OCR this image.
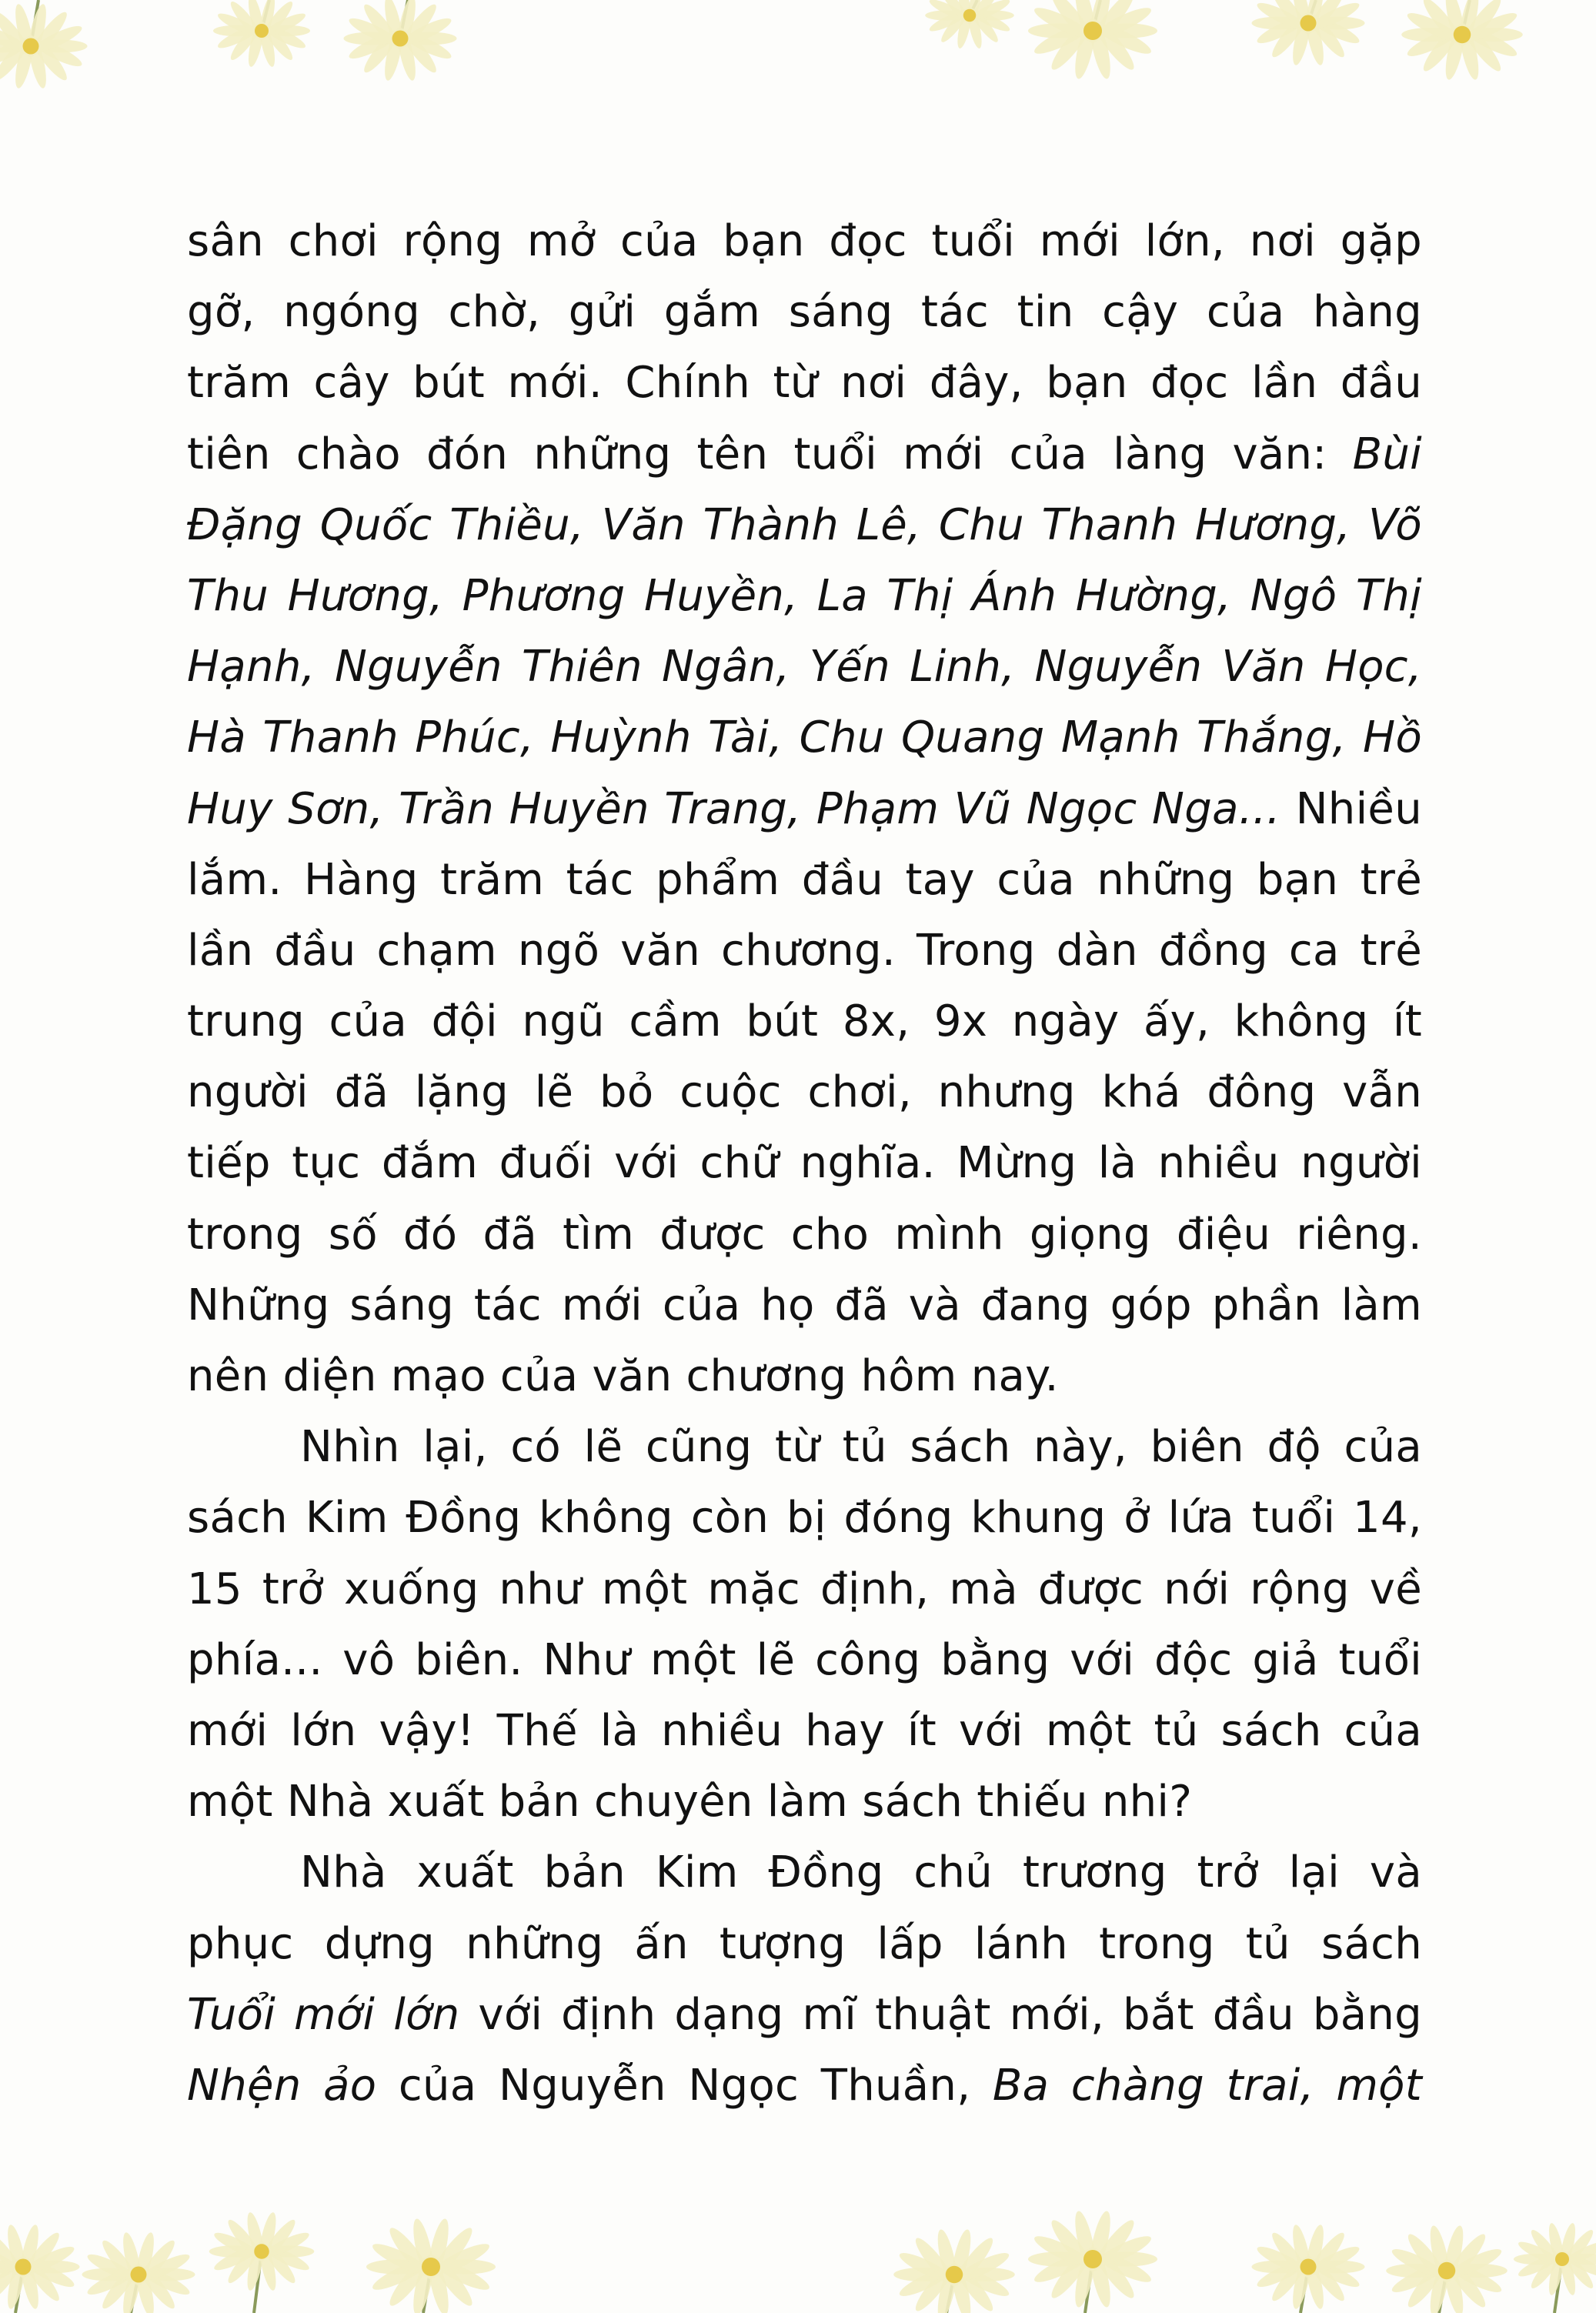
sân chơi rộng mở của bạn đọc tuổi mới lớn, nơi gặp
gỡ, ngóng chờ, gửi gắm sáng tác tin cậy của hàng
trăm cây bút mới. Chính từ nơi đây, bạn đọc lần đầu
tiên chào đón những tên tuổi mới của làng văn: Bùi
Đặng Quốc Thiều, Văn Thành Lê, Chu Thanh Hương, Võ
Thu Hương, Phương Huyền, La Thị Ánh Hường, Ngô Thị
Hạnh, Nguyễn Thiên Ngân, Yến Linh, Nguyễn Văn Học,
Hà Thanh Phúc, Huỳnh Tài, Chu Quang Mạnh Thắng, Hồ
Huy Sơn, Trần Huyền Trang, Phạm Vũ Ngọc Nga... Nhiều
lắm. Hàng trăm tác phẩm đầu tay của những bạn trẻ
lần đầu chạm ngõ văn chương. Trong dàn đồng ca trẻ
trung của đội ngũ cầm bút 8x, 9x ngày ấy, không ít
người đã lặng lẽ bỏ cuộc chơi, nhưng khá đông vẫn
tiếp tục đắm đuối với chữ nghĩa. Mừng là nhiều người
trong số đó đã tìm được cho mình giọng điệu riêng.
Những sáng tác mới của họ đã và đang góp phần làm
nên diện mạo của văn chương hôm nay.
Nhìn lại, có lẽ cũng từ tủ sách này, biên độ của
sách Kim Đồng không còn bị đóng khung ở lứa tuổi 14,
15 trở xuống như một mặc định, mà được nới rộng về
phía... vô biên. Như một lẽ công bằng với độc giả tuổi
mới lớn vậy! Thế là nhiều hay ít với một tủ sách của
một Nhà xuất bản chuyên làm sách thiếu nhi?
Nhà xuất bản Kim Đồng chủ trương trở lại và
phục dựng những ấn tượng lấp lánh trong tủ sách
Tuổi mới lớn với định dạng mĩ thuật mới, bắt đầu bằng
Nhện ảo của Nguyễn Ngọc Thuần, Ba chàng trai, một
